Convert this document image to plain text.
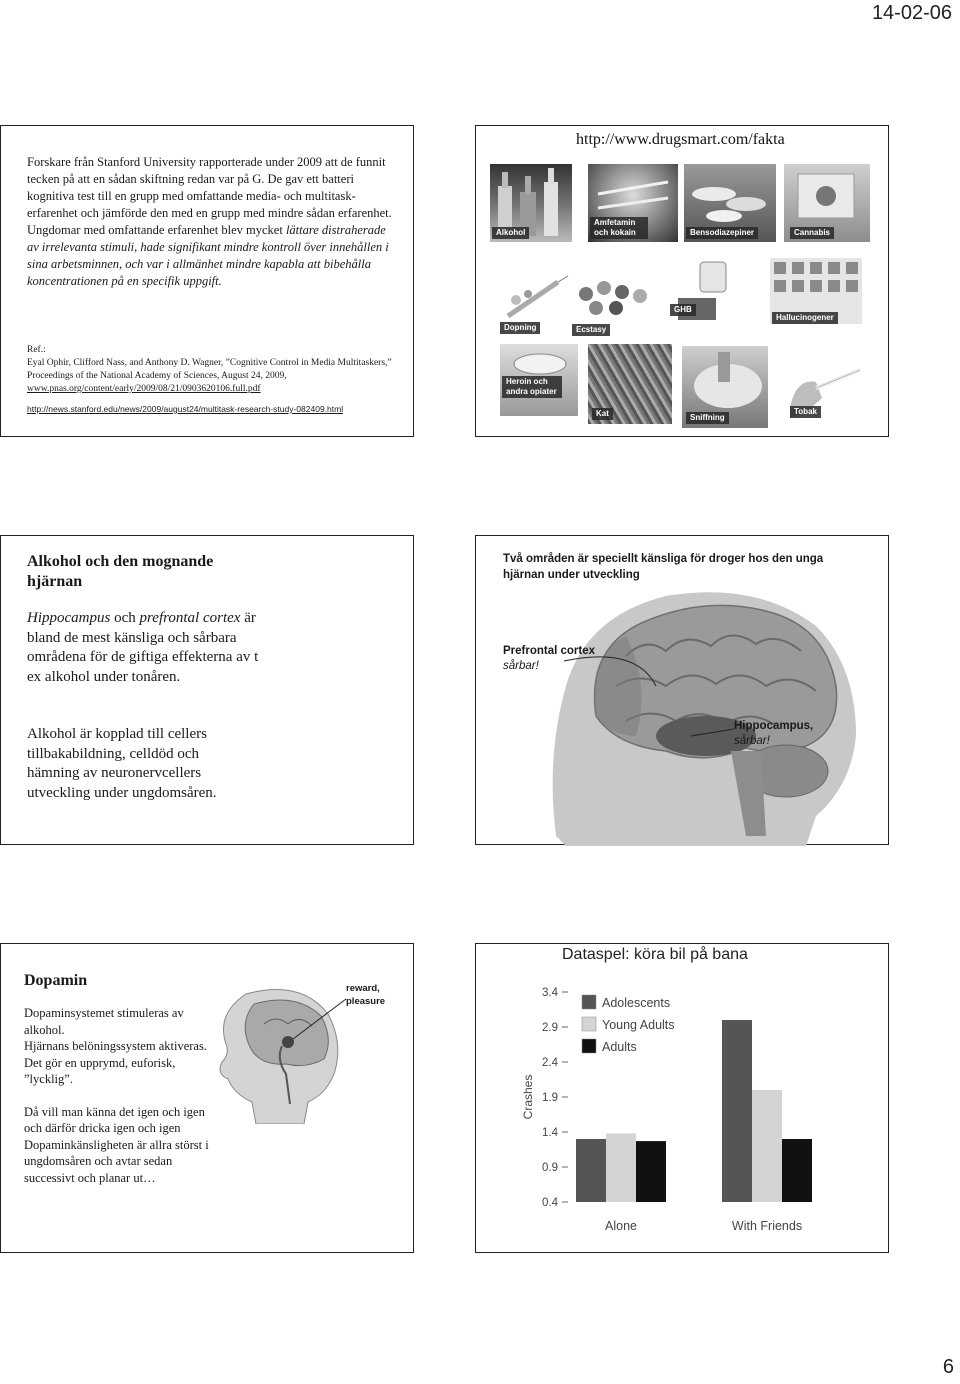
14-02-06
6
Forskare från Stanford University rapporterade under 2009 att de funnit tecken på att en sådan skiftning redan var på G. De gav ett batteri kognitiva test till en grupp med omfattande media- och multitask-erfarenhet och jämförde den med en grupp med mindre sådan erfarenhet.
Ungdomar med omfattande erfarenhet blev mycket lättare distraherade av irrelevanta stimuli, hade signifikant mindre kontroll över innehållen i sina arbetsminnen, och var i allmänhet mindre kapabla att bibehålla koncentrationen på en specifik uppgift.
Ref.:
Eyal Ophir, Clifford Nass, and Anthony D. Wagner, ”Cognitive Control in Media Multitaskers,” Proceedings of the National Academy of Sciences, August 24, 2009,
www.pnas.org/content/early/2009/08/21/0903620106.full.pdf
http://news.stanford.edu/news/2009/august24/multitask-research-study-082409.html
http://www.drugsmart.com/fakta
Alkohol
Amfetamin och kokain	Bensodiazepiner	Cannabis
Dopning	Ecstasy
GHB
Hallucinogener
Heroin och andra opiater
Kat	Sniffning
Tobak
Alkohol och den mognande hjärnan
Hippocampus och prefrontal cortex är bland de mest känsliga och sårbara områdena för de giftiga effekterna av t ex alkohol under tonåren.
Alkohol är kopplad till cellers tillbakabildning, celldöd och hämning av neuronervcellers utveckling under ungdomsåren.
Två områden är speciellt känsliga för droger hos den unga hjärnan under utveckling
Prefrontal cortex
sårbar!
Hippocampus,
sårbar!
Dopamin
Dopaminsystemet stimuleras av alkohol.
Hjärnans belöningssystem aktiveras. Det gör en upprymd, euforisk, ”lycklig”.
Då vill man känna det igen och igen och därför dricka igen och igen
Dopaminkänsligheten är allra störst i ungdomsåren och avtar sedan successivt och planar ut…
reward, pleasure
Dataspel: köra bil på bana
3.4
2.9
2.4
1.9
1.4
0.9
0.4
Crashes
Alone	With Friends
Adolescents
Young Adults
Adults
